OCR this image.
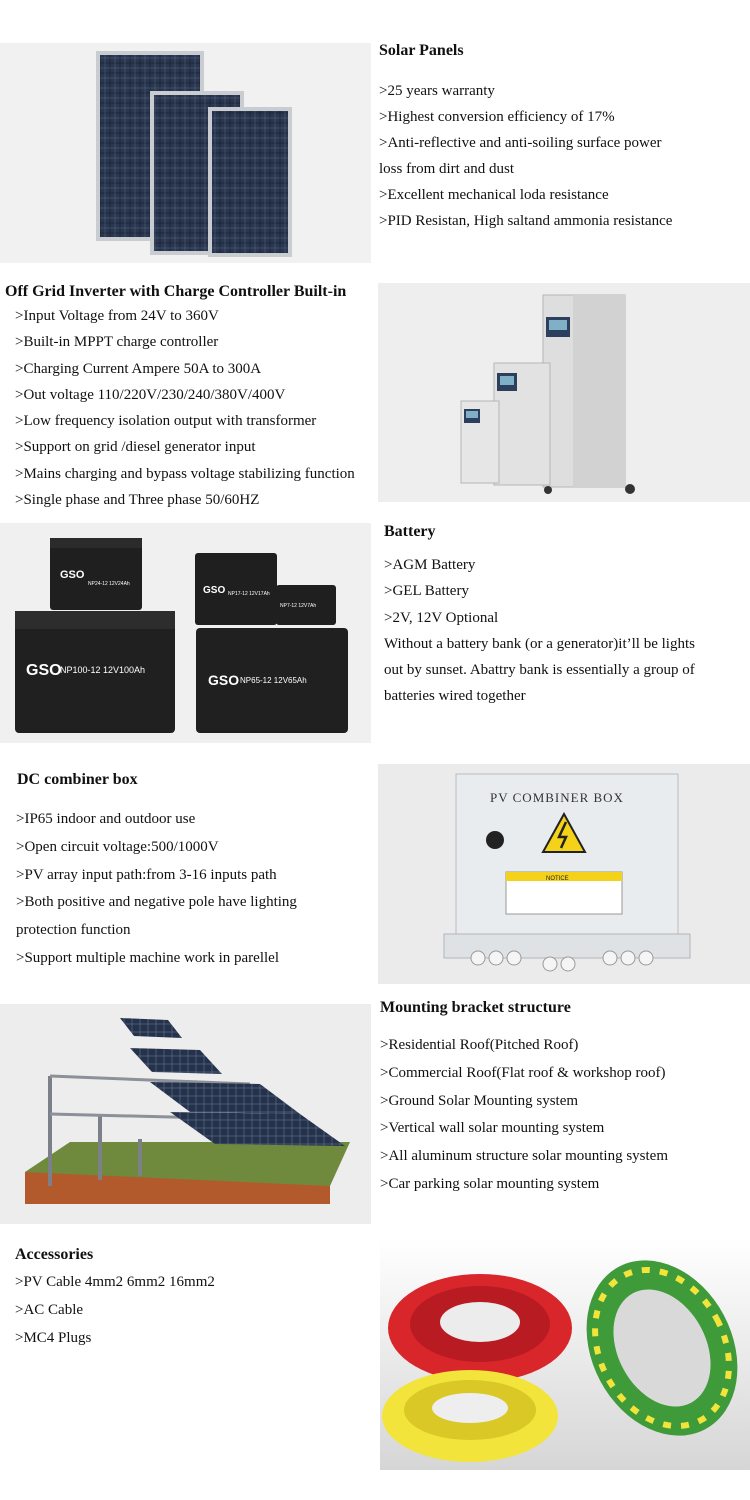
Solar Panels
>25 years warranty
>Highest conversion efficiency of 17%
>Anti-reflective and anti-soiling surface power
loss from dirt and dust
>Excellent mechanical loda resistance
>PID Resistan, High saltand ammonia resistance
Off Grid Inverter with Charge Controller Built-in
>Input Voltage from 24V to 360V
>Built-in MPPT charge controller
>Charging Current Ampere 50A to 300A
>Out voltage 110/220V/230/240/380V/400V
>Low frequency isolation output with transformer
>Support on grid /diesel generator input
>Mains charging and bypass voltage stabilizing function
>Single phase and Three phase 50/60HZ
GSO
NP24-12 12V24Ah
GSO
NP100-12 12V100Ah
GSO NP17-12 12V17Ah
NP7-12 12V7Ah
GSO NP65-12 12V65Ah
Battery
>AGM Battery
>GEL Battery
>2V, 12V Optional
Without a battery bank (or a generator)it’ll be lights
out by sunset. Abattry bank is essentially a group of
batteries wired together
DC combiner box
>IP65 indoor and outdoor use
>Open circuit voltage:500/1000V
>PV array input path:from 3-16 inputs path
>Both positive and negative pole have lighting
protection function
>Support multiple machine work in parellel
PV COMBINER BOX
NOTICE
Mounting bracket structure
>Residential Roof(Pitched Roof)
>Commercial Roof(Flat roof & workshop roof)
>Ground Solar Mounting system
>Vertical wall solar mounting system
>All aluminum structure solar mounting system
>Car parking solar mounting system
Accessories
>PV Cable 4mm2 6mm2 16mm2
>AC Cable
>MC4 Plugs
